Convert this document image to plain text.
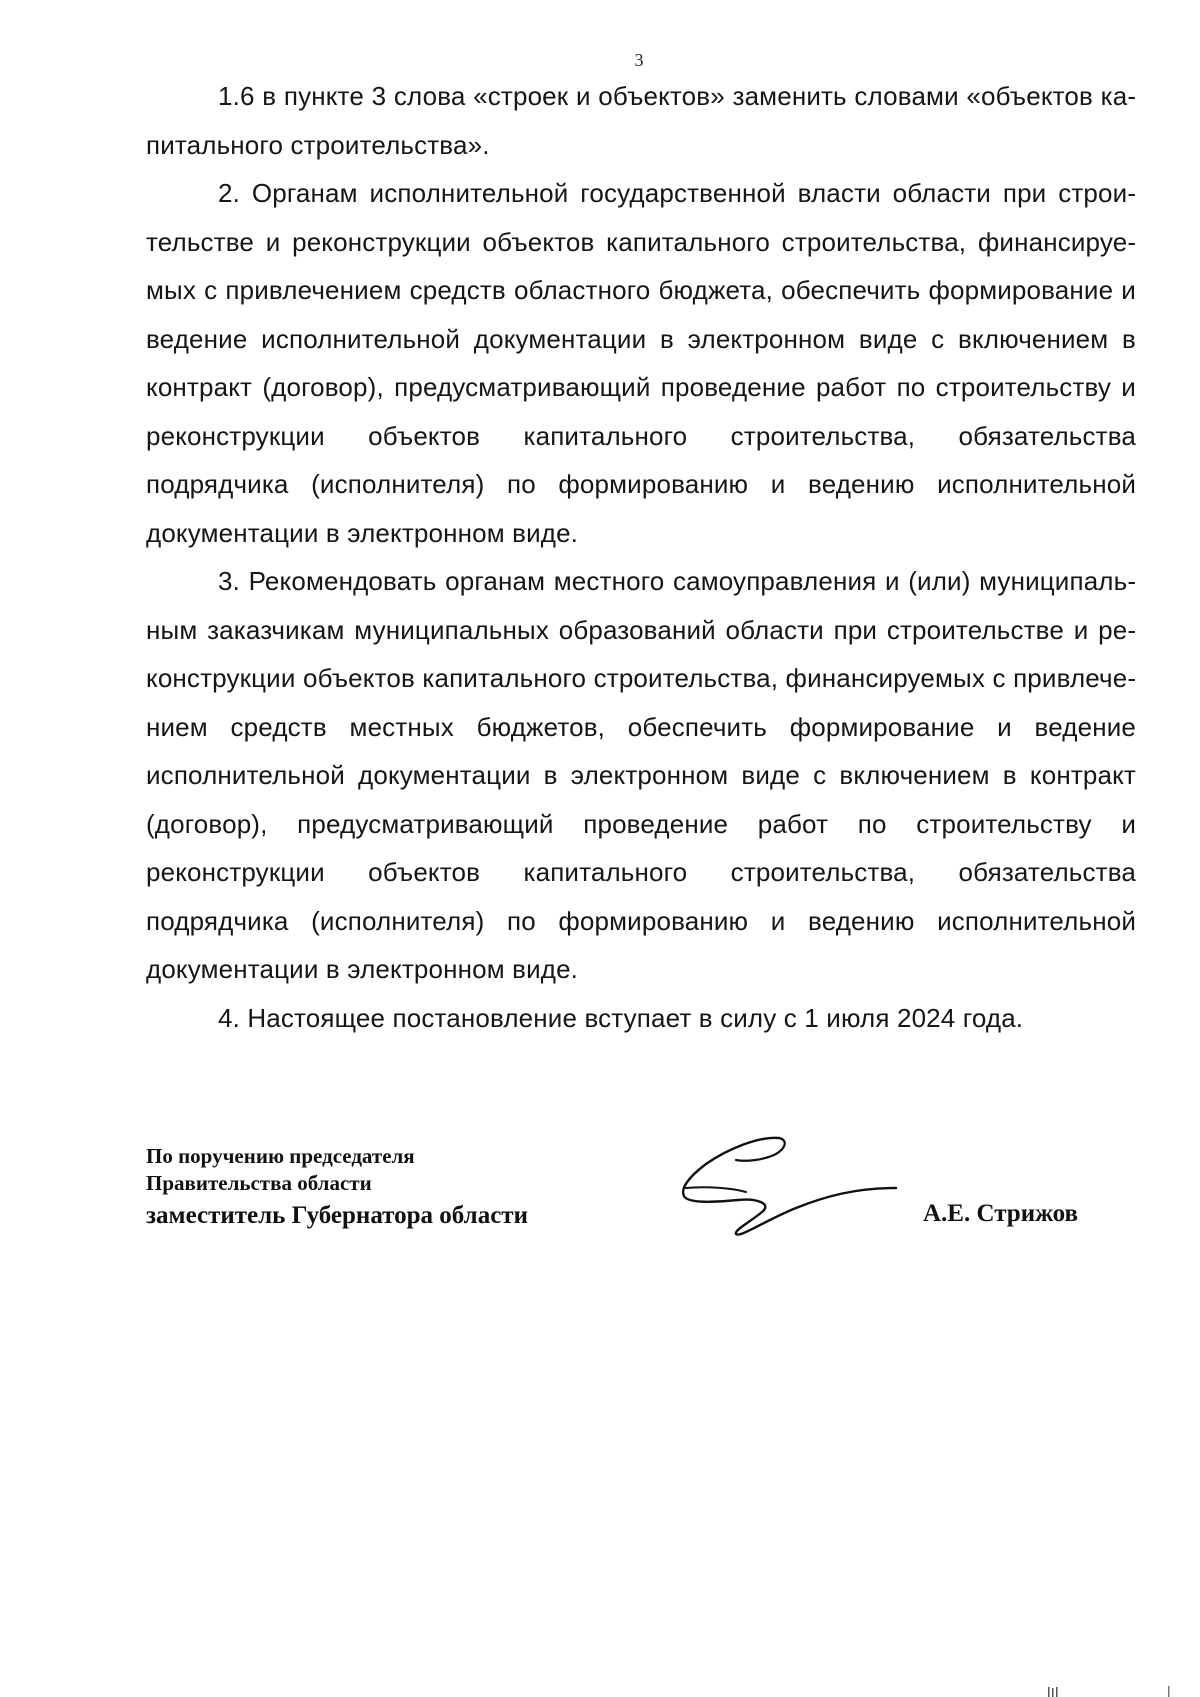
3

1.6 в пункте 3 слова «строек и объектов» заменить словами «объектов капитального строительства».

2. Органам исполнительной государственной власти области при строительстве и реконструкции объектов капитального строительства, финансируемых с привлечением средств областного бюджета, обеспечить формирование и ведение исполнительной документации в электронном виде с включением в контракт (договор), предусматривающий проведение работ по строительству и реконструкции объектов капитального строительства, обязательства подрядчика (исполнителя) по формированию и ведению исполнительной документации в электронном виде.

3. Рекомендовать органам местного самоуправления и (или) муниципальным заказчикам муниципальных образований области при строительстве и реконструкции объектов капитального строительства, финансируемых с привлечением средств местных бюджетов, обеспечить формирование и ведение исполнительной документации в электронном виде с включением в контракт (договор), предусматривающий проведение работ по строительству и реконструкции объектов капитального строительства, обязательства подрядчика (исполнителя) по формированию и ведению исполнительной документации в электронном виде.

4. Настоящее постановление вступает в силу с 1 июля 2024 года.

По поручению председателя
Правительства области
заместитель Губернатора области	А.Е. Стрижов
